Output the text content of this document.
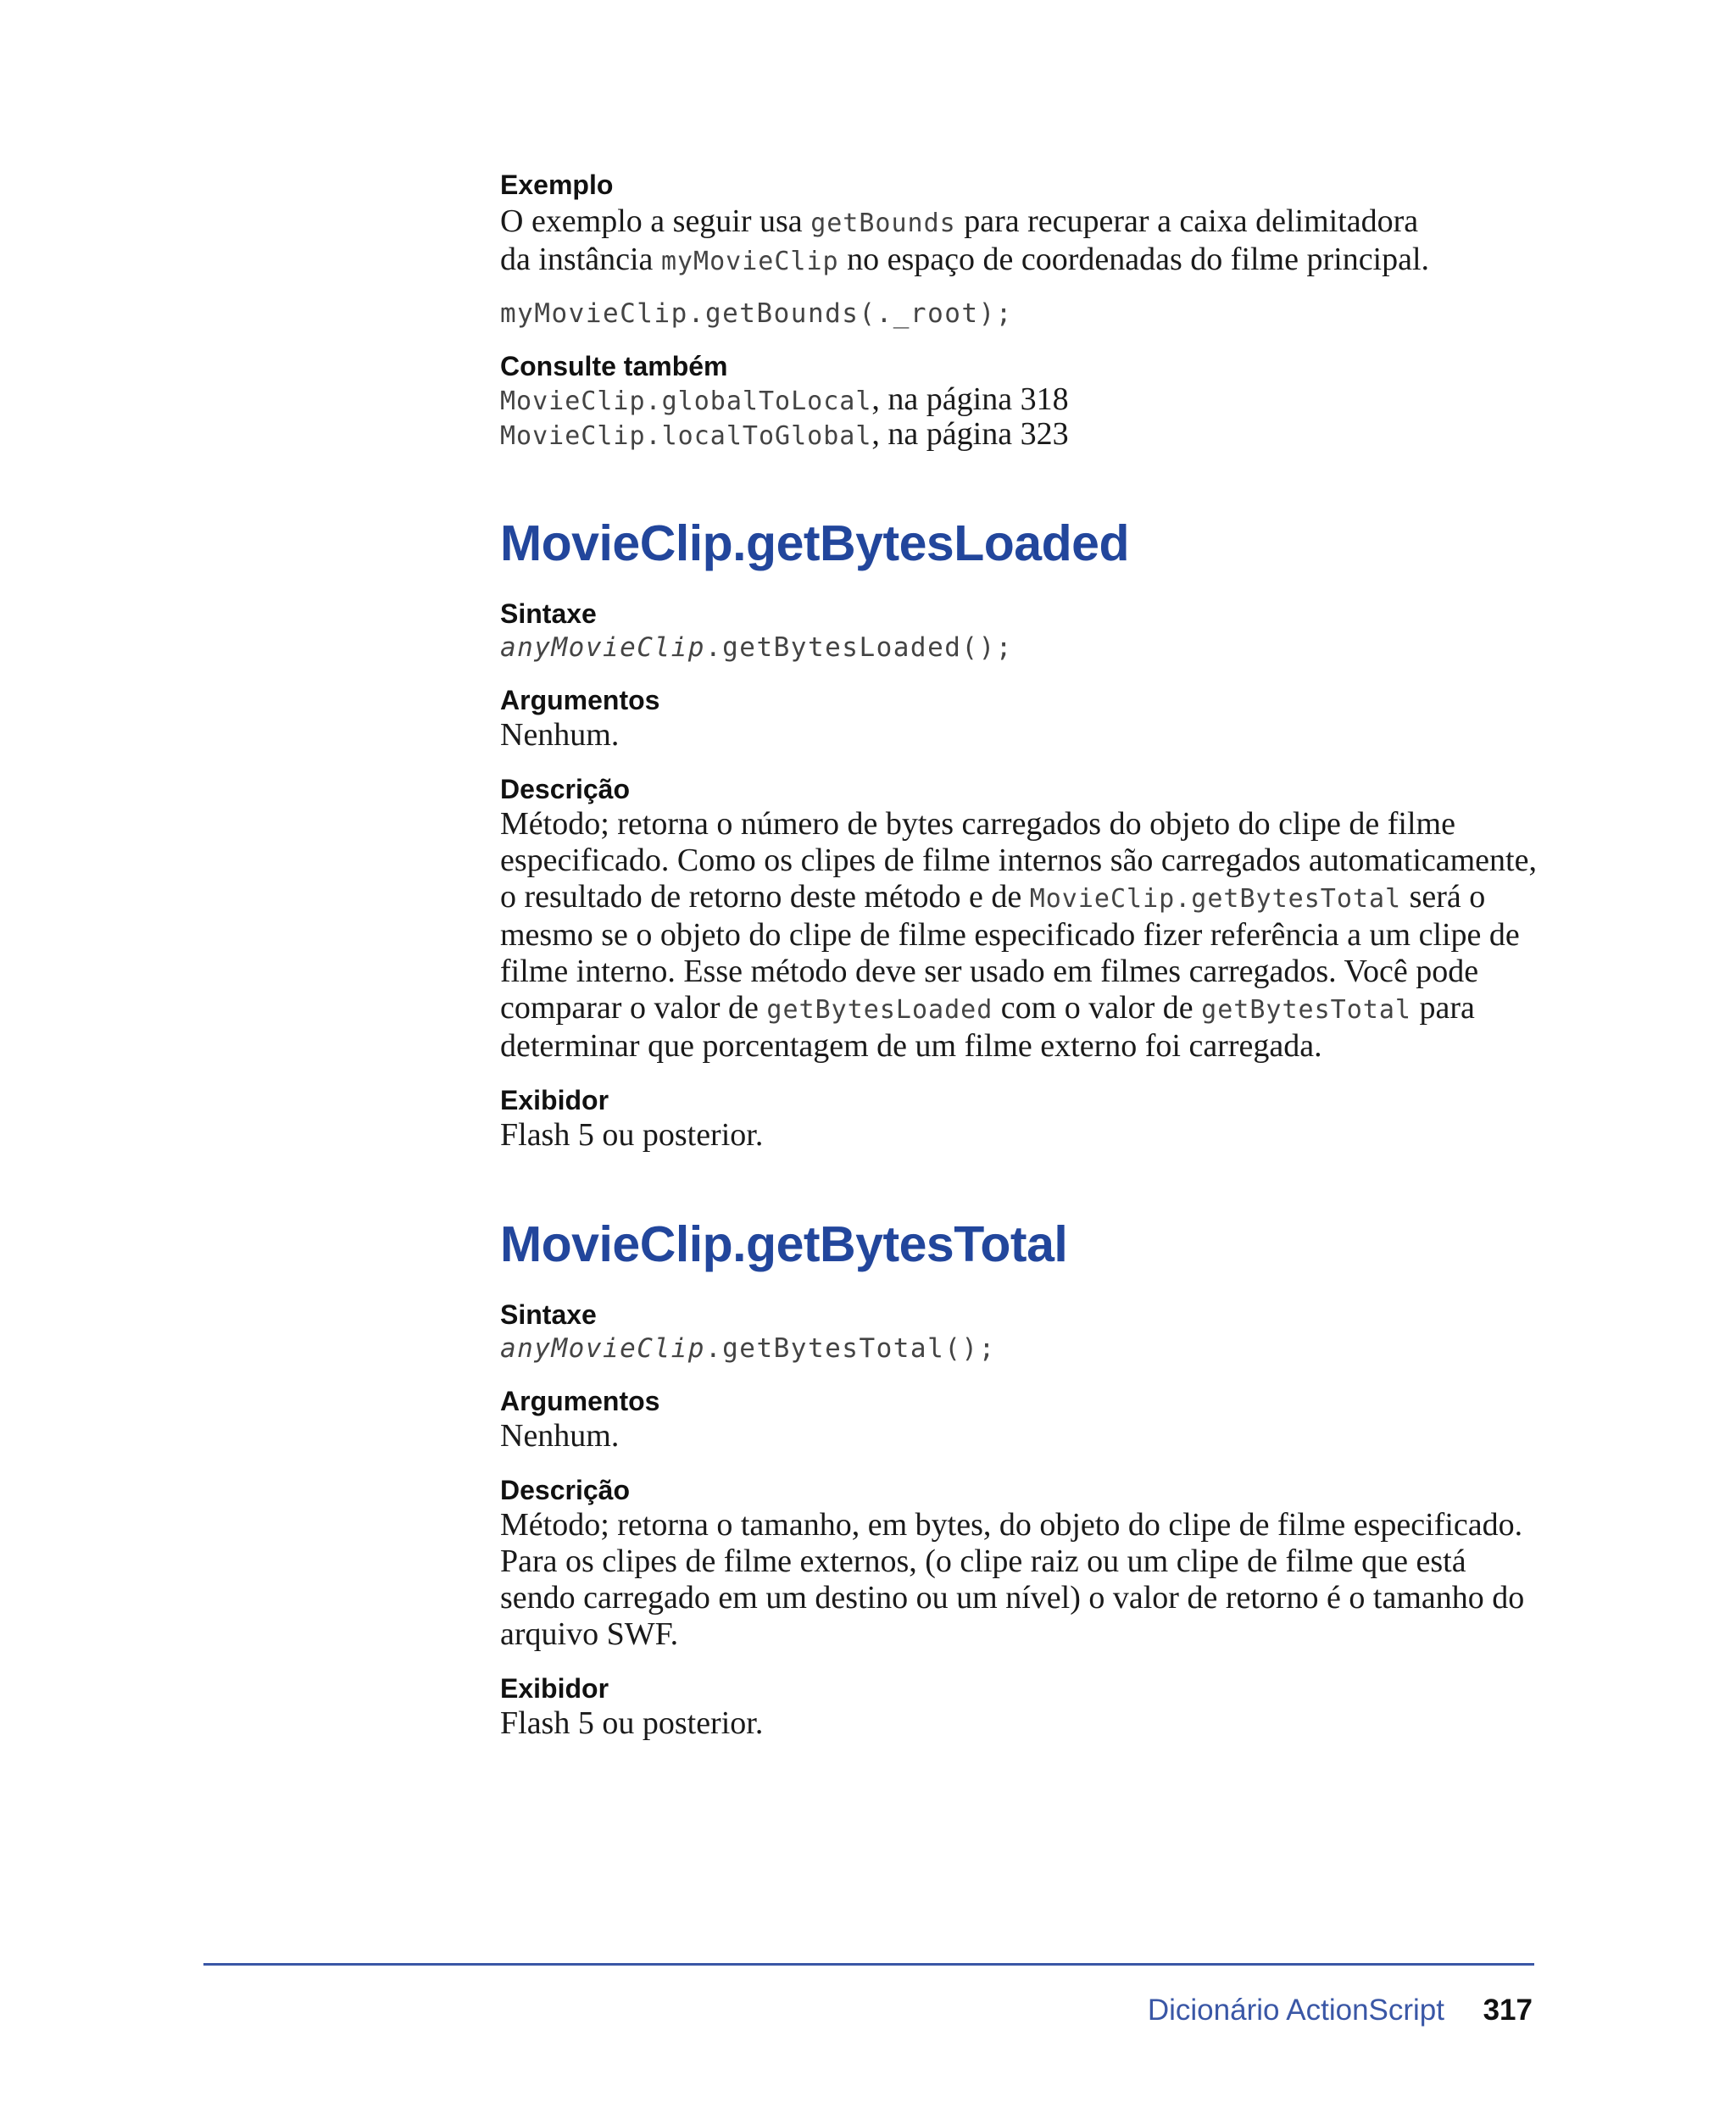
Exemplo

O exemplo a seguir usa getBounds para recuperar a caixa delimitadora
da instância myMovieClip no espaço de coordenadas do filme principal.

myMovieClip.getBounds(._root);

Consulte também

MovieClip.globalToLocal, na página 318

MovieClip.localToGlobal, na página 323

MovieClip.getBytesLoaded

Sintaxe

anyMovieClip.getBytesLoaded();

Argumentos

Nenhum.

Descrição

Método; retorna o número de bytes carregados do objeto do clipe de filme especificado. Como os clipes de filme internos são carregados automaticamente, o resultado de retorno deste método e de MovieClip.getBytesTotal será o mesmo se o objeto do clipe de filme especificado fizer referência a um clipe de filme interno. Esse método deve ser usado em filmes carregados. Você pode comparar o valor de getBytesLoaded com o valor de getBytesTotal para determinar que porcentagem de um filme externo foi carregada.

Exibidor

Flash 5 ou posterior.

MovieClip.getBytesTotal

Sintaxe

anyMovieClip.getBytesTotal();

Argumentos

Nenhum.

Descrição

Método; retorna o tamanho, em bytes, do objeto do clipe de filme especificado. Para os clipes de filme externos, (o clipe raiz ou um clipe de filme que está sendo carregado em um destino ou um nível) o valor de retorno é o tamanho do arquivo SWF.

Exibidor

Flash 5 ou posterior.

Dicionário ActionScript 317
